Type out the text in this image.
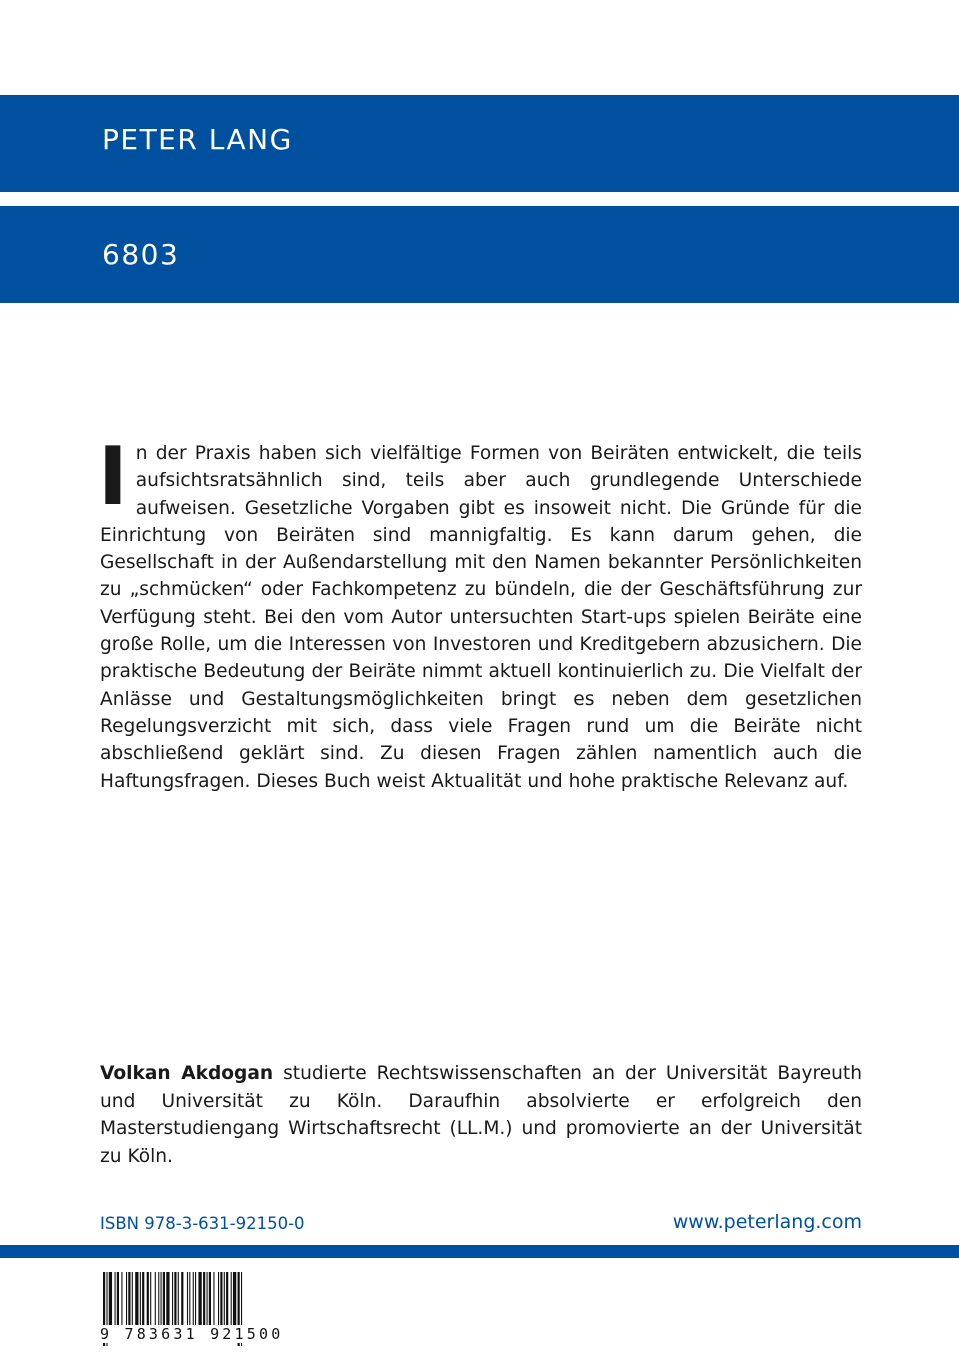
PETER LANG
6803
I n der Praxis haben sich vielfältige Formen von Beiräten entwickelt, die teils aufsichtsratsähnlich sind, teils aber auch grundlegende Unterschiede aufweisen. Gesetzliche Vorgaben gibt es insoweit nicht. Die Gründe für die Einrichtung von Beiräten sind mannigfaltig. Es kann darum gehen, die Gesellschaft in der Außendarstellung mit den Namen bekannter Persönlichkeiten zu „schmücken“ oder Fachkompetenz zu bündeln, die der Geschäftsführung zur Verfügung steht. Bei den vom Autor untersuchten Start-ups spielen Beiräte eine große Rolle, um die Interessen von Investoren und Kreditgebern abzusichern. Die praktische Bedeutung der Beiräte nimmt aktuell kontinuierlich zu. Die Vielfalt der Anlässe und Gestaltungsmöglichkeiten bringt es neben dem gesetzlichen Regelungsverzicht mit sich, dass viele Fragen rund um die Beiräte nicht abschließend geklärt sind. Zu diesen Fragen zählen namentlich auch die Haftungsfragen. Dieses Buch weist Aktualität und hohe praktische Relevanz auf.
Volkan Akdogan studierte Rechtswissenschaften an der Universität Bayreuth und Universität zu Köln. Daraufhin absolvierte er erfolgreich den Masterstudiengang Wirtschaftsrecht (LL.M.) und promovierte an der Universität zu Köln.
ISBN 978-3-631-92150-0	www.peterlang.com
9 783631 921500
